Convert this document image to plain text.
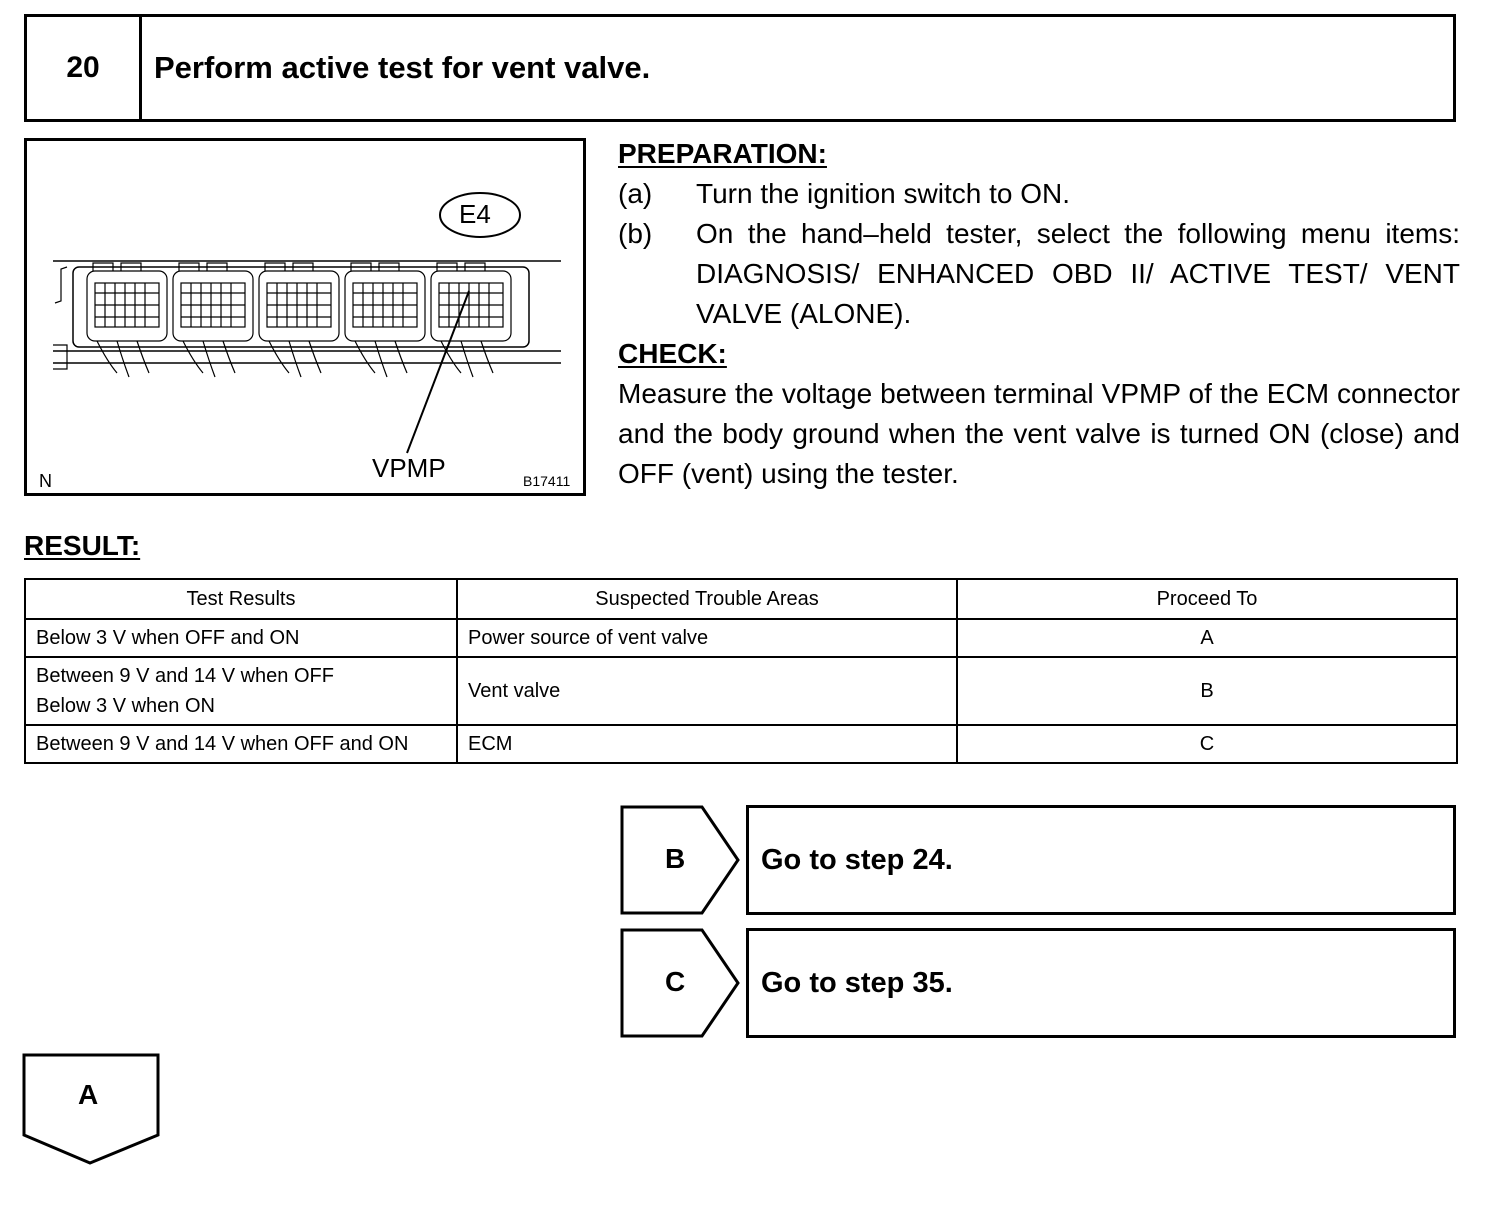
20	Perform active test for vent valve.
E4
VPMP
N	B17411
PREPARATION:
(a)	Turn the ignition switch to ON.
(b)	On the hand–held tester, select the following menu items: DIAGNOSIS/ ENHANCED OBD II/ ACTIVE TEST/ VENT VALVE (ALONE).
CHECK:
Measure the voltage between terminal VPMP of the ECM connector and the body ground when the vent valve is turned ON (close) and OFF (vent) using the tester.
RESULT:
Test Results	Suspected Trouble Areas	Proceed To
Below 3 V when OFF and ON	Power source of vent valve	A

Between 9 V and 14 V when OFF
Below 3 V when ON	Vent valve	B
Between 9 V and 14 V when OFF and ON	ECM	C
B	Go to step 24.
C	Go to step 35.
A
